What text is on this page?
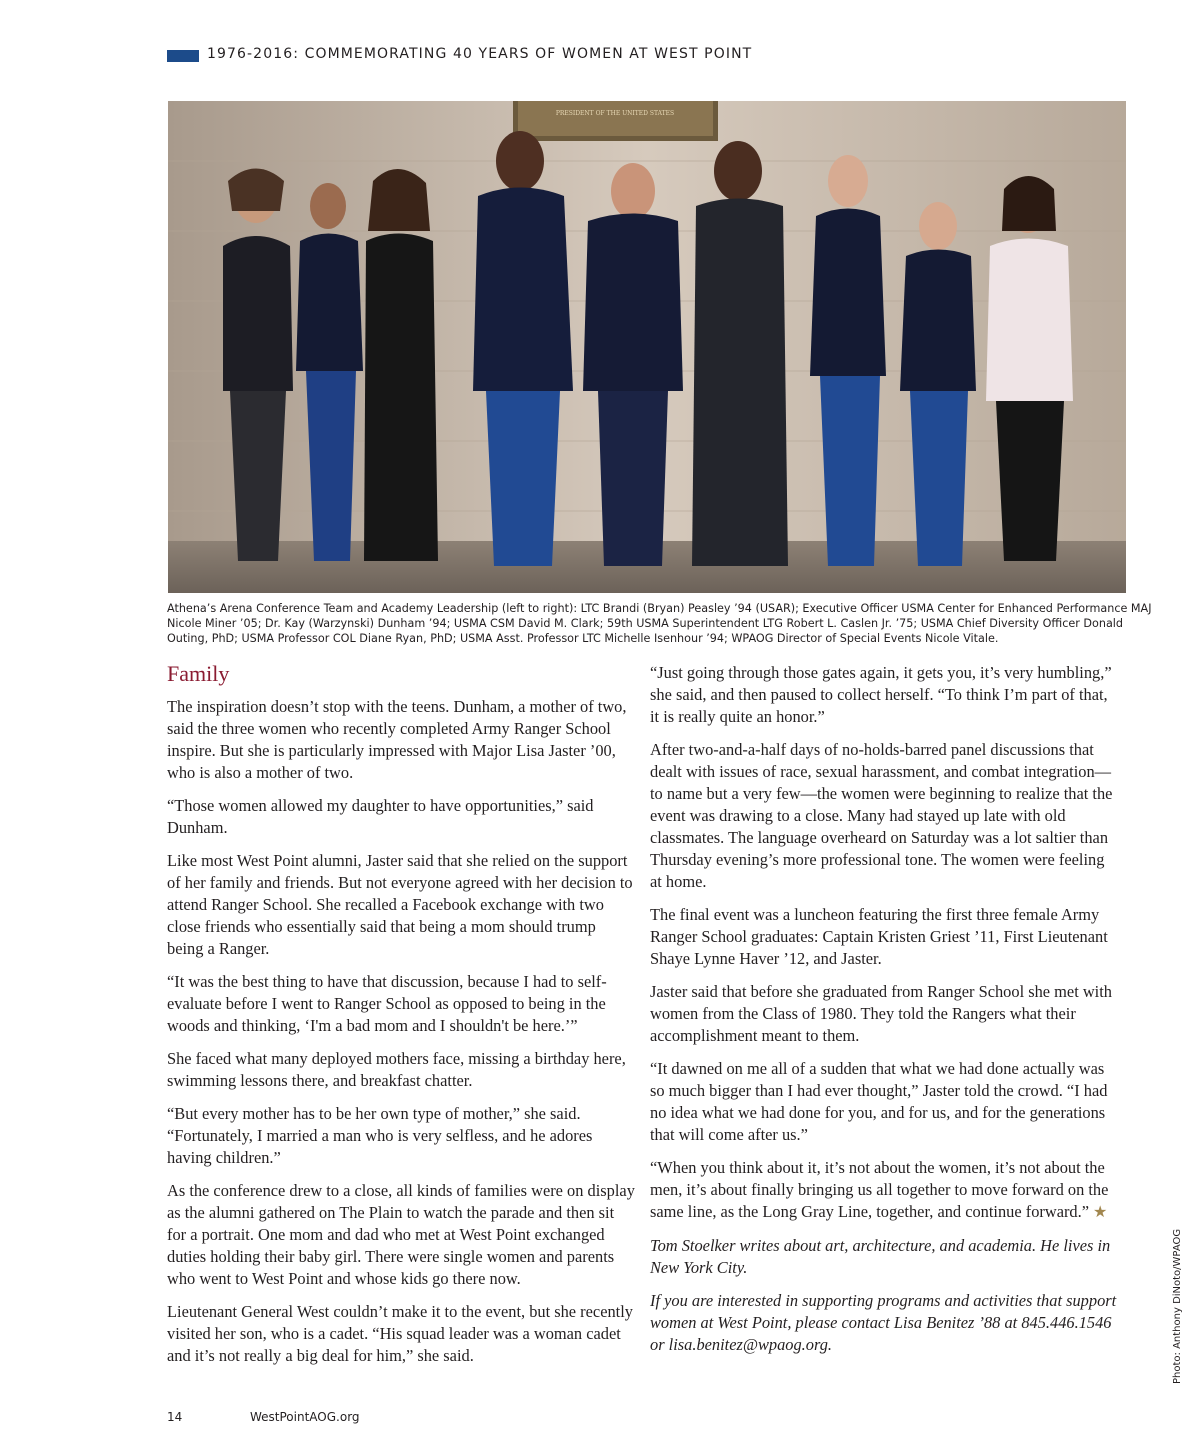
1976-2016: COMMEMORATING 40 YEARS OF WOMEN AT WEST POINT
PRESIDENT OF THE UNITED STATES
Athena’s Arena Conference Team and Academy Leadership (left to right): LTC Brandi (Bryan) Peasley ’94 (USAR); Executive Officer USMA Center for Enhanced Performance MAJ Nicole Miner ’05; Dr. Kay (Warzynski) Dunham ’94; USMA CSM David M. Clark; 59th USMA Superintendent LTG Robert L. Caslen Jr. ’75; USMA Chief Diversity Officer Donald Outing, PhD; USMA Professor COL Diane Ryan, PhD; USMA Asst. Professor LTC Michelle Isenhour ’94; WPAOG Director of Special Events Nicole Vitale.
Family

The inspiration doesn’t stop with the teens. Dunham, a mother of two, said the three women who recently completed Army Ranger School inspire. But she is particularly impressed with Major Lisa Jaster ’00, who is also a mother of two.

“Those women allowed my daughter to have opportunities,” said Dunham.

Like most West Point alumni, Jaster said that she relied on the support of her family and friends. But not everyone agreed with her decision to attend Ranger School. She recalled a Facebook exchange with two close friends who essentially said that being a mom should trump being a Ranger.

“It was the best thing to have that discussion, because I had to self-evaluate before I went to Ranger School as opposed to being in the woods and thinking, ‘I'm a bad mom and I shouldn't be here.’”

She faced what many deployed mothers face, missing a birthday here, swimming lessons there, and breakfast chatter.

“But every mother has to be her own type of mother,” she said. “Fortunately, I married a man who is very selfless, and he adores having children.”

As the conference drew to a close, all kinds of families were on display as the alumni gathered on The Plain to watch the parade and then sit for a portrait. One mom and dad who met at West Point exchanged duties holding their baby girl. There were single women and parents who went to West Point and whose kids go there now.

Lieutenant General West couldn’t make it to the event, but she recently visited her son, who is a cadet. “His squad leader was a woman cadet and it’s not really a big deal for him,” she said.

“Just going through those gates again, it gets you, it’s very humbling,” she said, and then paused to collect herself. “To think I’m part of that, it is really quite an honor.”

After two-and-a-half days of no-holds-barred panel discussions that dealt with issues of race, sexual harassment, and combat integration—to name but a very few—the women were beginning to realize that the event was drawing to a close. Many had stayed up late with old classmates. The language overheard on Saturday was a lot saltier than Thursday evening’s more professional tone. The women were feeling at home.

The final event was a luncheon featuring the first three female Army Ranger School graduates: Captain Kristen Griest ’11, First Lieutenant Shaye Lynne Haver ’12, and Jaster.

Jaster said that before she graduated from Ranger School she met with women from the Class of 1980. They told the Rangers what their accomplishment meant to them.

“It dawned on me all of a sudden that what we had done actually was so much bigger than I had ever thought,” Jaster told the crowd. “I had no idea what we had done for you, and for us, and for the generations that will come after us.”

“When you think about it, it’s not about the women, it’s not about the men, it’s about finally bringing us all together to move forward on the same line, as the Long Gray Line, together, and continue forward.” ★

Tom Stoelker writes about art, architecture, and academia. He lives in New York City.

If you are interested in supporting programs and activities that support women at West Point, please contact Lisa Benitez ’88 at 845.446.1546 or lisa.benitez@wpaog.org.	Photo: Anthony DiNoto/WPAOG
14	WestPointAOG.org
